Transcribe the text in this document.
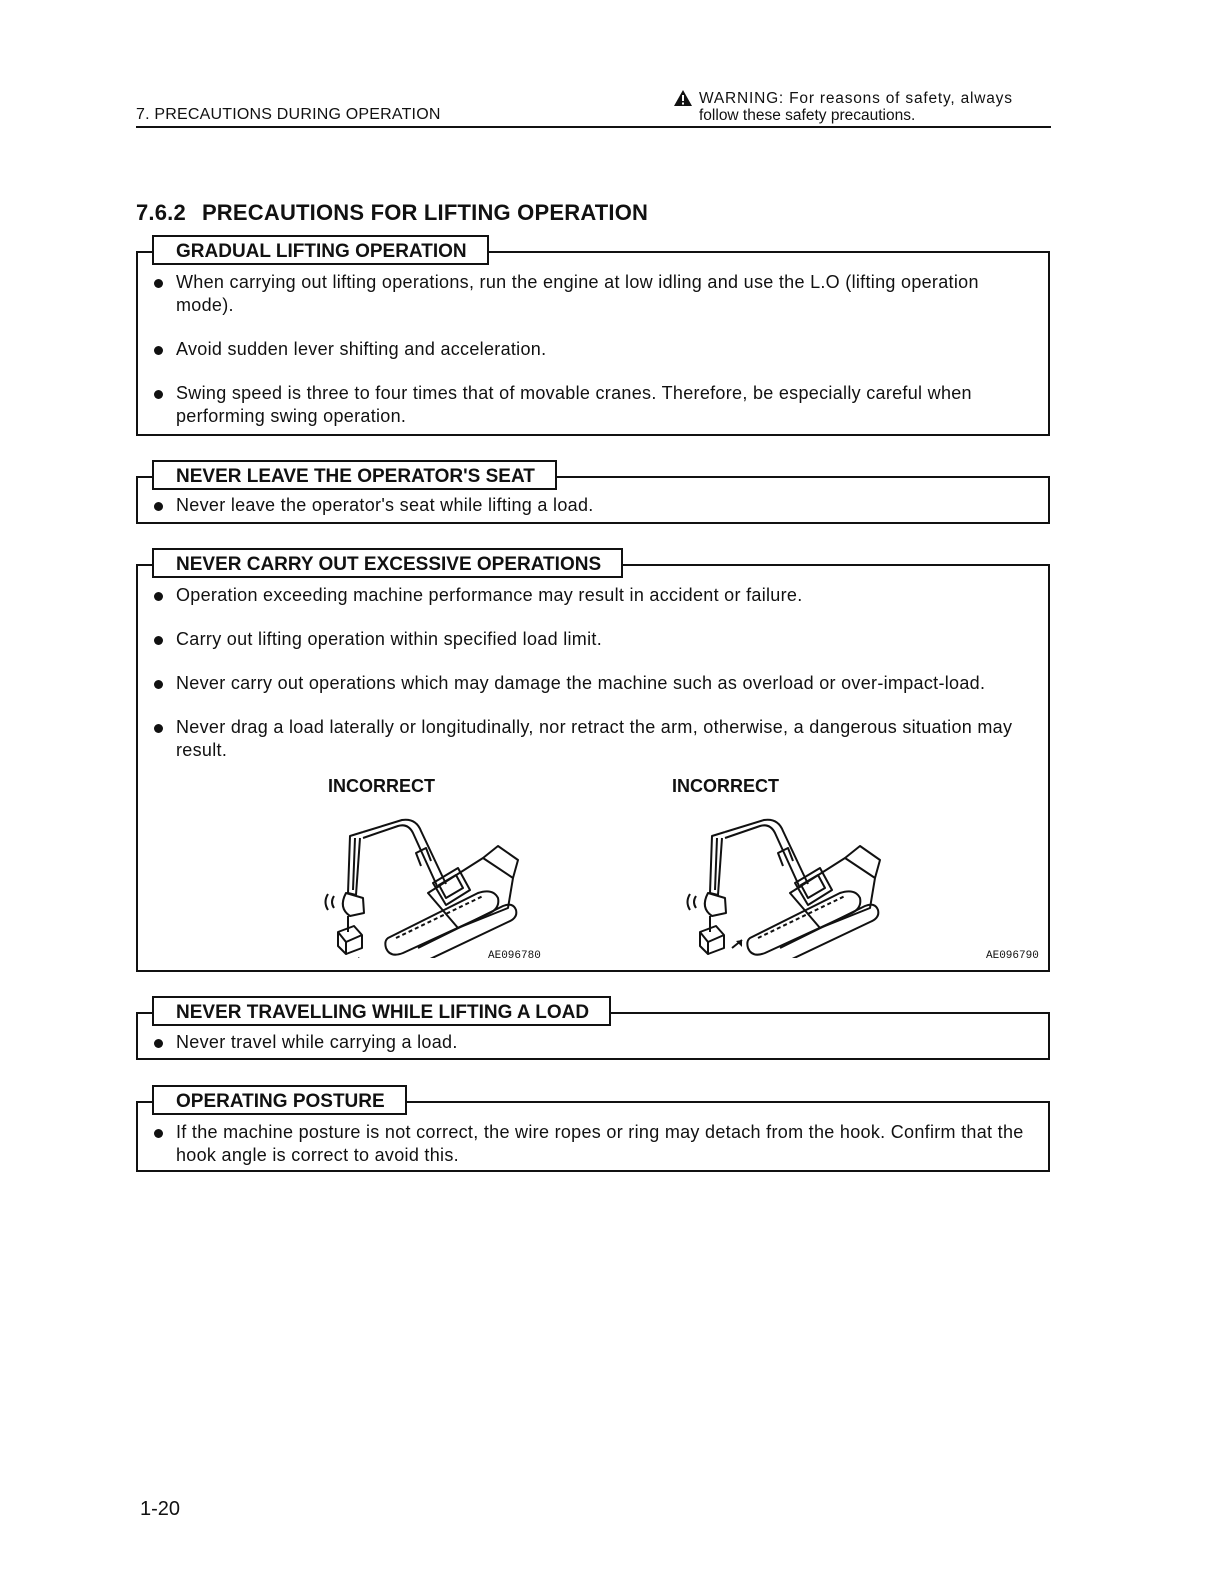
7. PRECAUTIONS DURING OPERATION
WARNING: For reasons of safety, always
follow these safety precautions.
7.6.2 PRECAUTIONS FOR LIFTING OPERATION
GRADUAL LIFTING OPERATION
When carrying out lifting operations, run the engine at low idling and use the L.O (lifting operation mode).
Avoid sudden lever shifting and acceleration.
Swing speed is three to four times that of movable cranes. Therefore, be especially careful when performing swing operation.
NEVER LEAVE THE OPERATOR'S SEAT
Never leave the operator's seat while lifting a load.
NEVER CARRY OUT EXCESSIVE OPERATIONS
Operation exceeding machine performance may result in accident or failure.
Carry out lifting operation within specified load limit.
Never carry out operations which may damage the machine such as overload or over-impact-load.
Never drag a load laterally or longitudinally, nor retract the arm, otherwise, a dangerous situation may result.
INCORRECT
AE096780
INCORRECT
AE096790
NEVER TRAVELLING WHILE LIFTING A LOAD
Never travel while carrying a load.
OPERATING POSTURE
If the machine posture is not correct, the wire ropes or ring may detach from the hook. Confirm that the hook angle is correct to avoid this.
1-20
